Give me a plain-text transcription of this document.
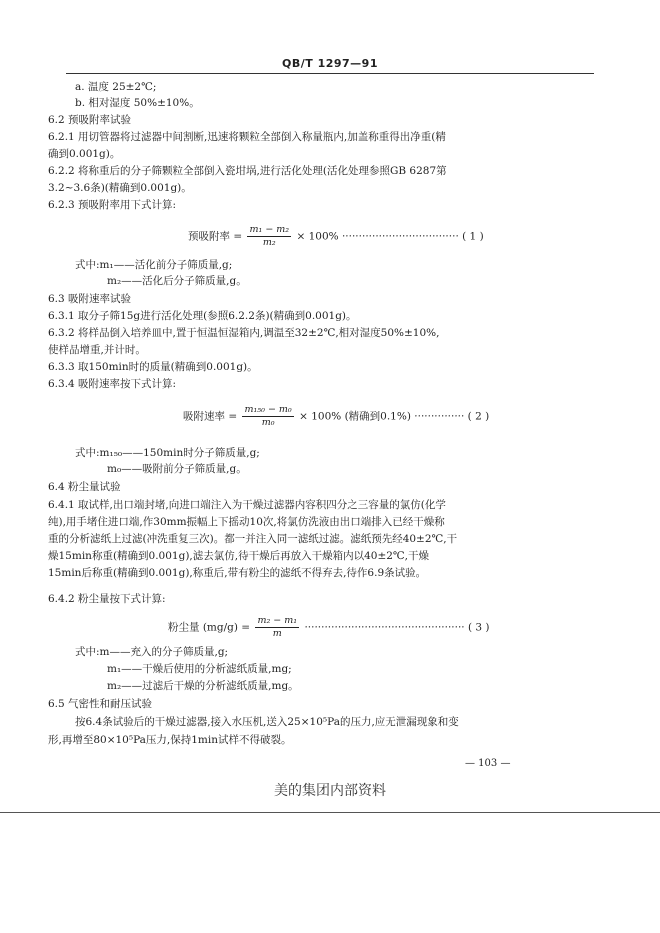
QB/T 1297—91
a. 温度 25±2℃;
b. 相对湿度 50%±10%。
6.2 预吸附率试验
6.2.1 用切管器将过滤器中间割断,迅速将颗粒全部倒入称量瓶内,加盖称重得出净重(精
确到0.001g)。
6.2.2 将称重后的分子筛颗粒全部倒入瓷坩埚,进行活化处理(活化处理参照GB 6287第
3.2~3.6条)(精确到0.001g)。
6.2.3 预吸附率用下式计算:
预吸附率 = $\frac{\text{m₁ − m₂}}{\text{m₂}} \times 100\%$ ··································· ( 1 )
式中:m₁——活化前分子筛质量,g;
m₂——活化后分子筛质量,g。
6.3 吸附速率试验
6.3.1 取分子筛15g进行活化处理(参照6.2.2条)(精确到0.001g)。
6.3.2 将样品倒入培养皿中,置于恒温恒湿箱内,调温至32±2℃,相对湿度50%±10%,
使样品增重,并计时。
6.3.3 取150min时的质量(精确到0.001g)。
6.3.4 吸附速率按下式计算:
吸附速率 = $\frac{\text{m₁₅₀ − m₀}}{\text{m₀}} \times 100\%$ (精确到0.1%) ··············· ( 2 )
式中:m₁₅₀——150min时分子筛质量,g;
m₀——吸附前分子筛质量,g。
6.4 粉尘量试验
6.4.1 取试样,出口端封堵,向进口端注入为干燥过滤器内容积四分之三容量的氯仿(化学
纯),用手堵住进口端,作30mm振幅上下摇动10次,将氯仿洗液由出口端排入已经干燥称
重的分析滤纸上过滤(冲洗重复三次)。都一并注入同一滤纸过滤。滤纸预先经40±2℃,干
燥15min称重(精确到0.001g),滤去氯仿,待干燥后再放入干燥箱内以40±2℃,干燥
15min后称重(精确到0.001g),称重后,带有粉尘的滤纸不得弃去,待作6.9条试验。
6.4.2 粉尘量按下式计算:
粉尘量 $(mg/g) = \frac{\text{m₂ − m₁}}{m}$ ················································ ( 3 )
式中:m——充入的分子筛质量,g;
m₁——干燥后使用的分析滤纸质量,mg;
m₂——过滤后干燥的分析滤纸质量,mg。
6.5 气密性和耐压试验
按6.4条试验后的干燥过滤器,接入水压机,送入25×10⁵Pa的压力,应无泄漏现象和变
形,再增至80×10⁵Pa压力,保持1min试样不得破裂。
— 103 —
美的集团内部资料
